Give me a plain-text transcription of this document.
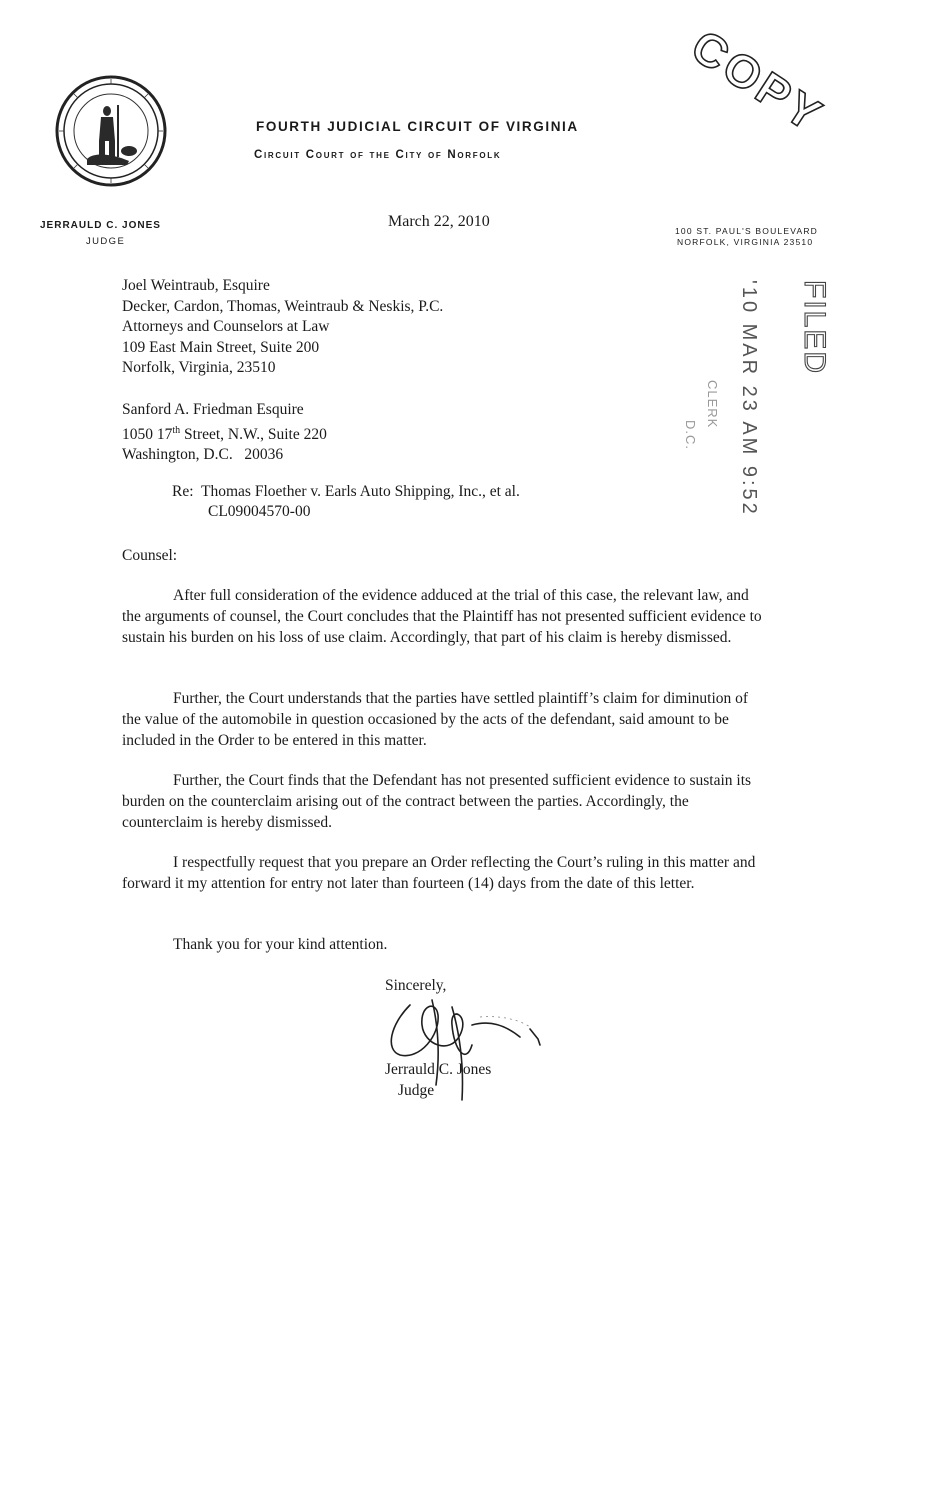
FOURTH JUDICIAL CIRCUIT OF VIRGINIA
Circuit Court of the City of Norfolk
COPY
JERRAULD C. JONES
JUDGE
March 22, 2010
100 ST. PAUL'S BOULEVARD
NORFOLK, VIRGINIA 23510
FILED
'10 MAR 23 AM 9:52
CLERK
D.C.
Joel Weintraub, Esquire
Decker, Cardon, Thomas, Weintraub & Neskis, P.C.
Attorneys and Counselors at Law
109 East Main Street, Suite 200
Norfolk, Virginia, 23510
Sanford A. Friedman Esquire
1050 17th Street, N.W., Suite 220
Washington, D.C.   20036
Re: Thomas Floether v. Earls Auto Shipping, Inc., et al.
CL09004570-00
Counsel:

After full consideration of the evidence adduced at the trial of this case, the relevant law, and the arguments of counsel, the Court concludes that the Plaintiff has not presented sufficient evidence to sustain his burden on his loss of use claim. Accordingly, that part of his claim is hereby dismissed.

Further, the Court understands that the parties have settled plaintiff’s claim for diminution of the value of the automobile in question occasioned by the acts of the defendant, said amount to be included in the Order to be entered in this matter.

Further, the Court finds that the Defendant has not presented sufficient evidence to sustain its burden on the counterclaim arising out of the contract between the parties. Accordingly, the counterclaim is hereby dismissed.

I respectfully request that you prepare an Order reflecting the Court’s ruling in this matter and forward it my attention for entry not later than fourteen (14) days from the date of this letter.

Thank you for your kind attention.
Sincerely,
Jerrauld C. Jones
Judge
